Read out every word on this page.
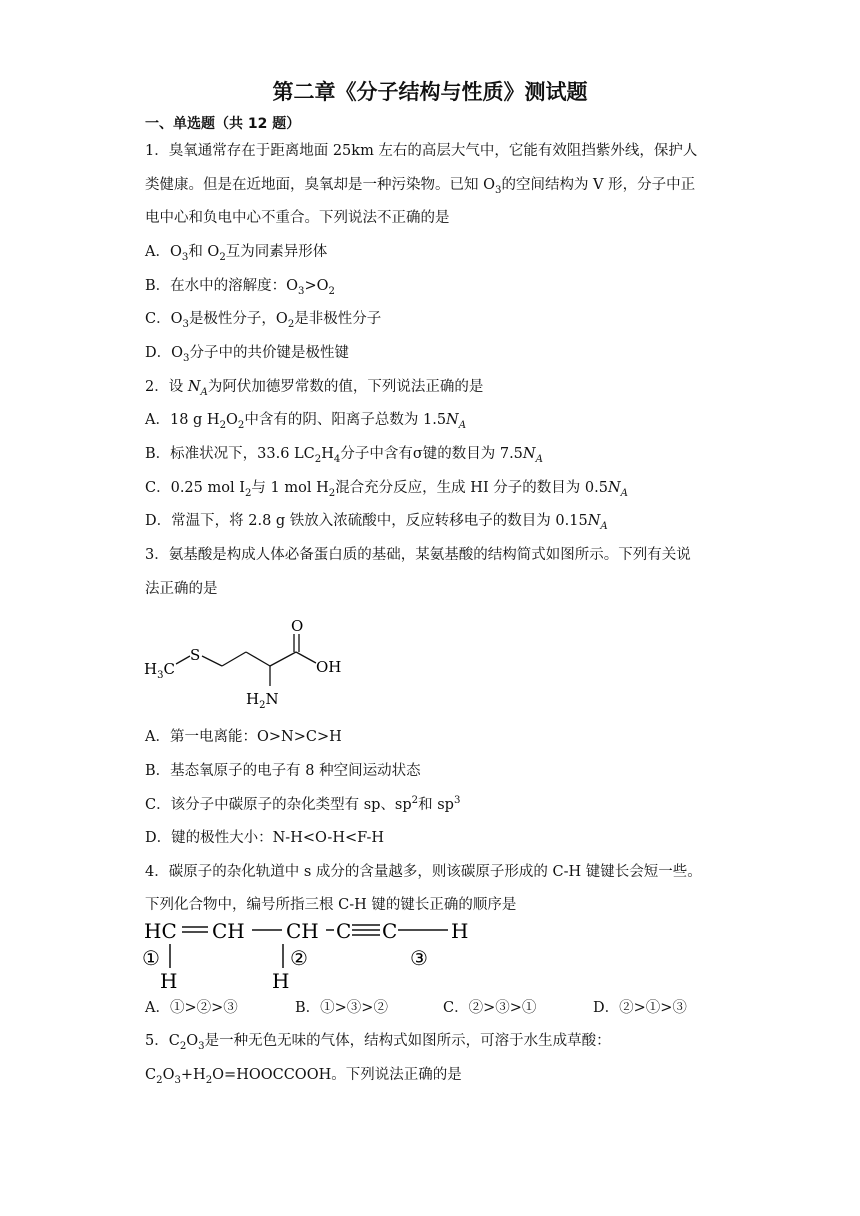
第二章《分子结构与性质》测试题
一、单选题（共 12 题）
1．臭氧通常存在于距离地面 25km 左右的高层大气中，它能有效阻挡紫外线，保护人
类健康。但是在近地面，臭氧却是一种污染物。已知 $O_3$的空间结构为 V 形，分子中正
电中心和负电中心不重合。下列说法不正确的是
A．$O_3$和 $O_2$互为同素异形体
B．在水中的溶解度：$O_3>O_2$
C．$O_3$是极性分子，$O_2$是非极性分子
D．$O_3$分子中的共价键是极性键
2．设 $N_A$为阿伏加德罗常数的值，下列说法正确的是
A．18 g $H_2O_2$中含有的阴、阳离子总数为 $1.5N_A$
B．标准状况下，33.6 $LC_2H_4$分子中含有σ键的数目为 $7.5N_A$
C．0.25 mol $I_2$与 1 mol $H_2$混合充分反应，生成 HI 分子的数目为 $0.5N_A$
D．常温下，将 2.8 g 铁放入浓硫酸中，反应转移电子的数目为 $0.15N_A$
3．氨基酸是构成人体必备蛋白质的基础，某氨基酸的结构简式如图所示。下列有关说
法正确的是
O
OH
S
$H_3C$
$H_2N$
A．第一电离能：O>N>C>H
B．基态氧原子的电子有 8 种空间运动状态
C．该分子中碳原子的杂化类型有 sp、$sp^2$和 $sp^3$
D．键的极性大小：N-H<O-H<F-H
4．碳原子的杂化轨道中 s 成分的含量越多，则该碳原子形成的 C-H 键键长会短一些。
下列化合物中，编号所指三根 C-H 键的键长正确的顺序是
HC CH CH C C	H
①	②	③
H	H
A．①>②>③	B．①>③>②	C．②>③>①	D．②>①>③
5．$C_2O_3$是一种无色无味的气体，结构式如图所示，可溶于水生成草酸：
$C_2O_3+H_2O=HOOCCOOH$。下列说法正确的是
